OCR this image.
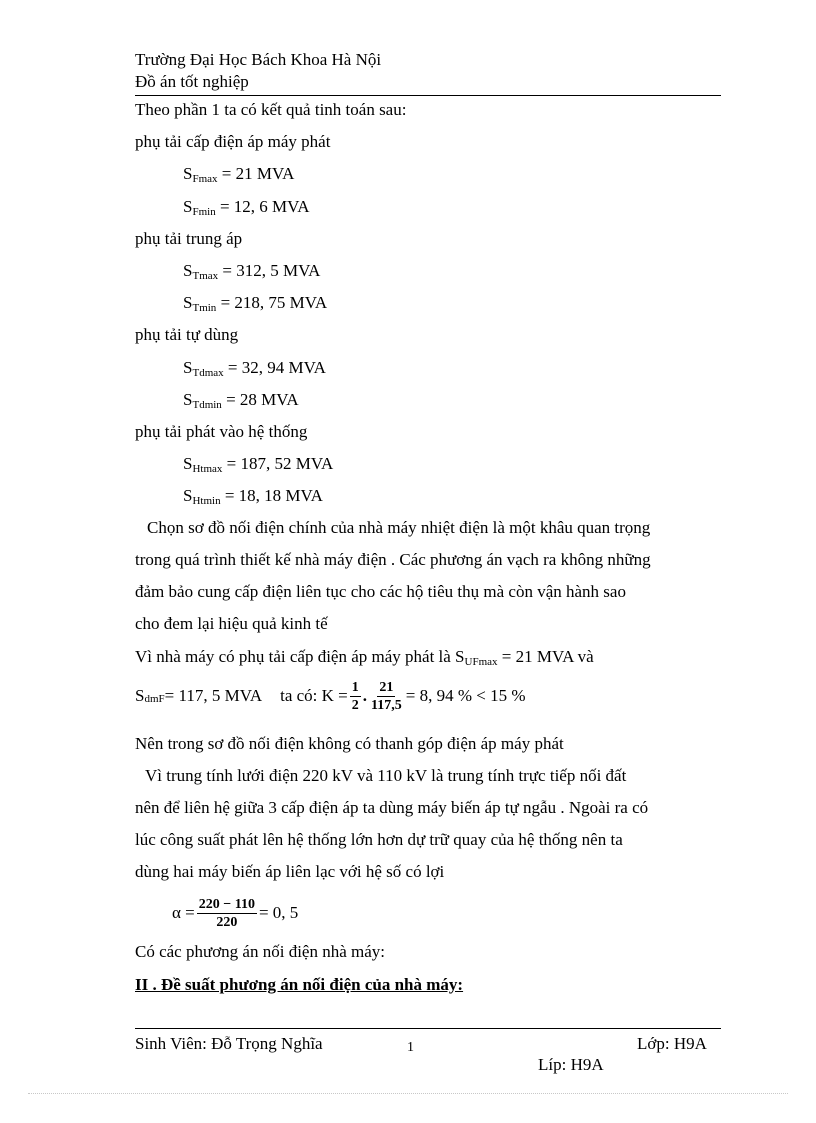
Trường Đại Học Bách Khoa Hà Nội
Đồ án tốt nghiệp
Theo phần 1 ta có kết quả tinh toán sau:
phụ tải cấp điện áp máy phát
$S_{Fmax} = 21$ MVA
$S_{Fmin} = 12$, 6 MVA
phụ tải trung áp
$S_{Tmax} = 312$, 5 MVA
$S_{Tmin} = 218$, 75 MVA
phụ tải tự dùng
$S_{Tdmax} = 32$, 94 MVA
$S_{Tdmin} = 28$ MVA
phụ tải phát vào hệ thống
$S_{Htmax} = 187$, 52 MVA
$S_{Htmin} = 18$, 18 MVA
Chọn sơ đồ nối điện chính của nhà máy nhiệt điện là một khâu quan trọng
trong quá trình thiết kế nhà máy điện . Các phương án vạch ra không những
đảm bảo cung cấp điện liên tục cho các hộ tiêu thụ mà còn vận hành sao
cho đem lại hiệu quả kinh tế
Vì nhà máy có phụ tải cấp điện áp máy phát là $S_{UFmax} = 21$ MVA và
S dmF = 117, 5 MVA ta có: $K = \frac{1}{2}$ . $\frac{21}{117,5} = 8$, 94 % < 15 %
Nên trong sơ đồ nối điện không có thanh góp điện áp máy phát
Vì trung tính lưới điện 220 kV và 110 kV là trung tính trực tiếp nối đất
nên để liên hệ giữa 3 cấp điện áp ta dùng máy biến áp tự ngẫu . Ngoài ra có
lúc công suất phát lên hệ thống lớn hơn dự trữ quay của hệ thống nên ta
dùng hai máy biến áp liên lạc với hệ số có lợi
$\alpha = \frac{220 - 110}{220} = 0$, 5
Có các phương án nối điện nhà máy:
II . Đề suất phương án nối điện của nhà máy:
Sinh Viên: Đỗ Trọng Nghĩa	1	Lớp: H9A
Líp: H9A
